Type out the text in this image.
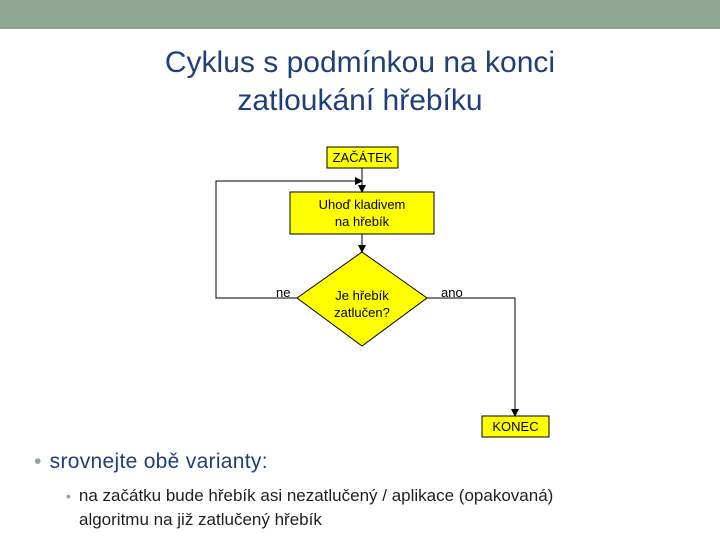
Cyklus s podmínkou na konci
zatloukání hřebíku
ZAČÁTEK
Uhoď kladivem
na hřebík
Je hřebík
zatlučen?
ne	ano
KONEC
• srovnejte obě varianty:
• na začátku bude hřebík asi nezatlučený / aplikace (opakovaná)
algoritmu na již zatlučený hřebík
